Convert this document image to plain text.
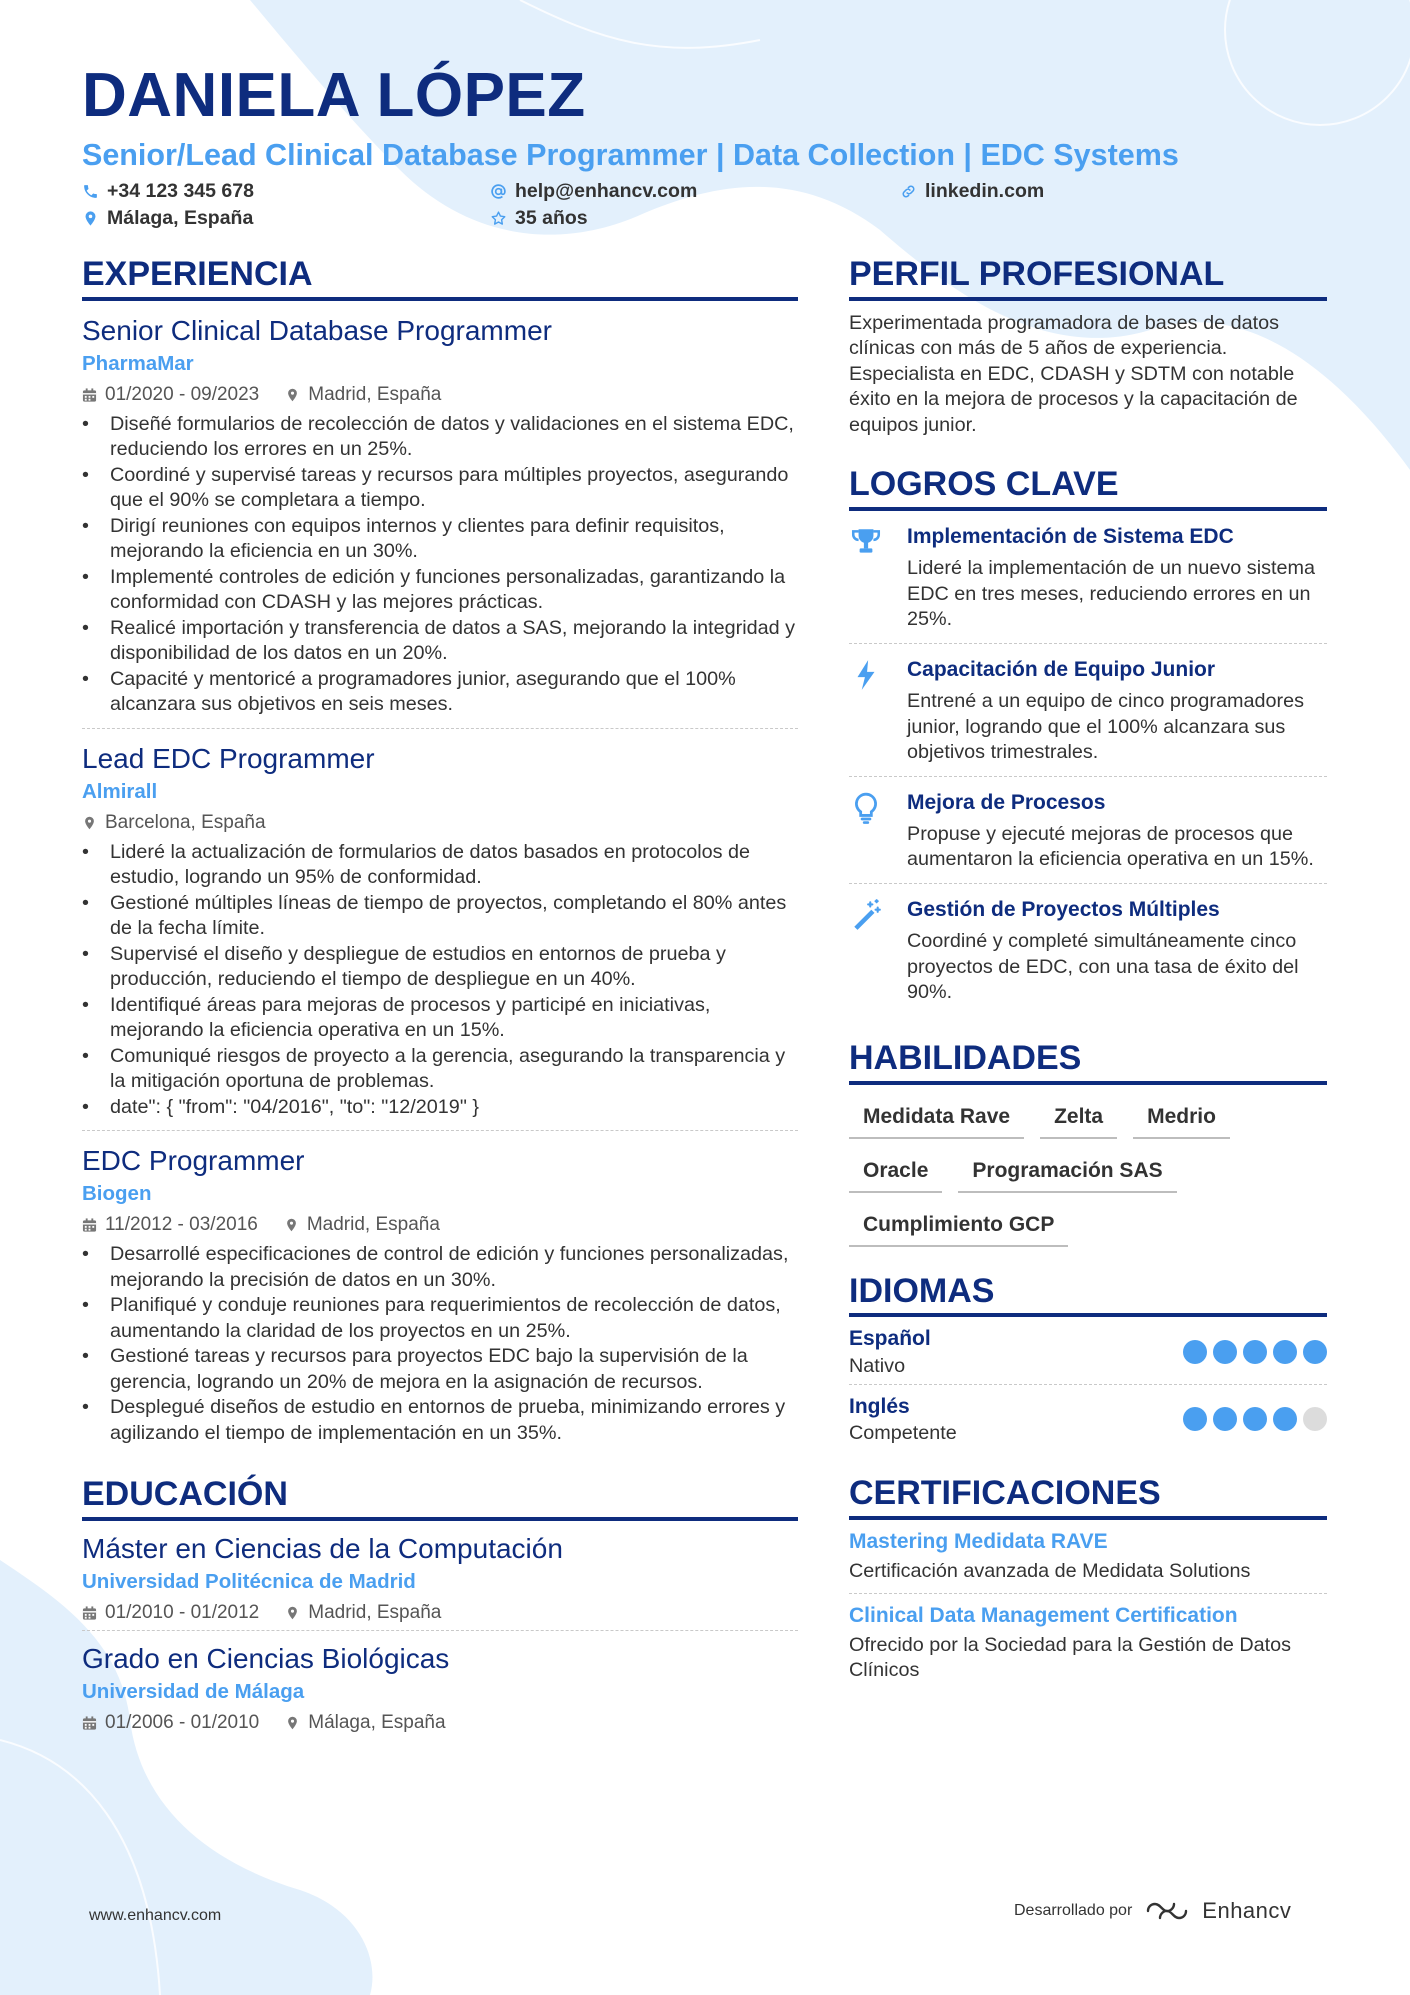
DANIELA LÓPEZ
Senior/Lead Clinical Database Programmer | Data Collection | EDC Systems
+34 123 345 678	help@enhancv.com	linkedin.com
Málaga, España	35 años
EXPERIENCIA
Senior Clinical Database Programmer
PharmaMar
01/2020 - 09/2023	Madrid, España
• Diseñé formularios de recolección de datos y validaciones en el sistema EDC, reduciendo los errores en un 25%.
• Coordiné y supervisé tareas y recursos para múltiples proyectos, asegurando que el 90% se completara a tiempo.
• Dirigí reuniones con equipos internos y clientes para definir requisitos, mejorando la eficiencia en un 30%.
• Implementé controles de edición y funciones personalizadas, garantizando la conformidad con CDASH y las mejores prácticas.
• Realicé importación y transferencia de datos a SAS, mejorando la integridad y disponibilidad de los datos en un 20%.
• Capacité y mentoricé a programadores junior, asegurando que el 100% alcanzara sus objetivos en seis meses.
Lead EDC Programmer
Almirall
Barcelona, España
• Lideré la actualización de formularios de datos basados en protocolos de estudio, logrando un 95% de conformidad.
• Gestioné múltiples líneas de tiempo de proyectos, completando el 80% antes de la fecha límite.
• Supervisé el diseño y despliegue de estudios en entornos de prueba y producción, reduciendo el tiempo de despliegue en un 40%.
• Identifiqué áreas para mejoras de procesos y participé en iniciativas, mejorando la eficiencia operativa en un 15%.
• Comuniqué riesgos de proyecto a la gerencia, asegurando la transparencia y la mitigación oportuna de problemas.
• date": { "from": "04/2016", "to": "12/2019" }
EDC Programmer
Biogen
11/2012 - 03/2016	Madrid, España
• Desarrollé especificaciones de control de edición y funciones personalizadas, mejorando la precisión de datos en un 30%.
• Planifiqué y conduje reuniones para requerimientos de recolección de datos, aumentando la claridad de los proyectos en un 25%.
• Gestioné tareas y recursos para proyectos EDC bajo la supervisión de la gerencia, logrando un 20% de mejora en la asignación de recursos.
• Desplegué diseños de estudio en entornos de prueba, minimizando errores y agilizando el tiempo de implementación en un 35%.
EDUCACIÓN
Máster en Ciencias de la Computación
Universidad Politécnica de Madrid
01/2010 - 01/2012	Madrid, España
Grado en Ciencias Biológicas
Universidad de Málaga
01/2006 - 01/2010	Málaga, España
PERFIL PROFESIONAL
Experimentada programadora de bases de datos clínicas con más de 5 años de experiencia. Especialista en EDC, CDASH y SDTM con notable éxito en la mejora de procesos y la capacitación de equipos junior.
LOGROS CLAVE
Implementación de Sistema EDC
Lideré la implementación de un nuevo sistema EDC en tres meses, reduciendo errores en un 25%.
Capacitación de Equipo Junior
Entrené a un equipo de cinco programadores junior, logrando que el 100% alcanzara sus objetivos trimestrales.
Mejora de Procesos
Propuse y ejecuté mejoras de procesos que aumentaron la eficiencia operativa en un 15%.
Gestión de Proyectos Múltiples
Coordiné y completé simultáneamente cinco proyectos de EDC, con una tasa de éxito del 90%.
HABILIDADES
Medidata Rave	Zelta	Medrio
Oracle	Programación SAS
Cumplimiento GCP
IDIOMAS
Español
Nativo
Inglés
Competente
CERTIFICACIONES
Mastering Medidata RAVE
Certificación avanzada de Medidata Solutions
Clinical Data Management Certification
Ofrecido por la Sociedad para la Gestión de Datos Clínicos
www.enhancv.com	Desarrollado por	Enhancv
